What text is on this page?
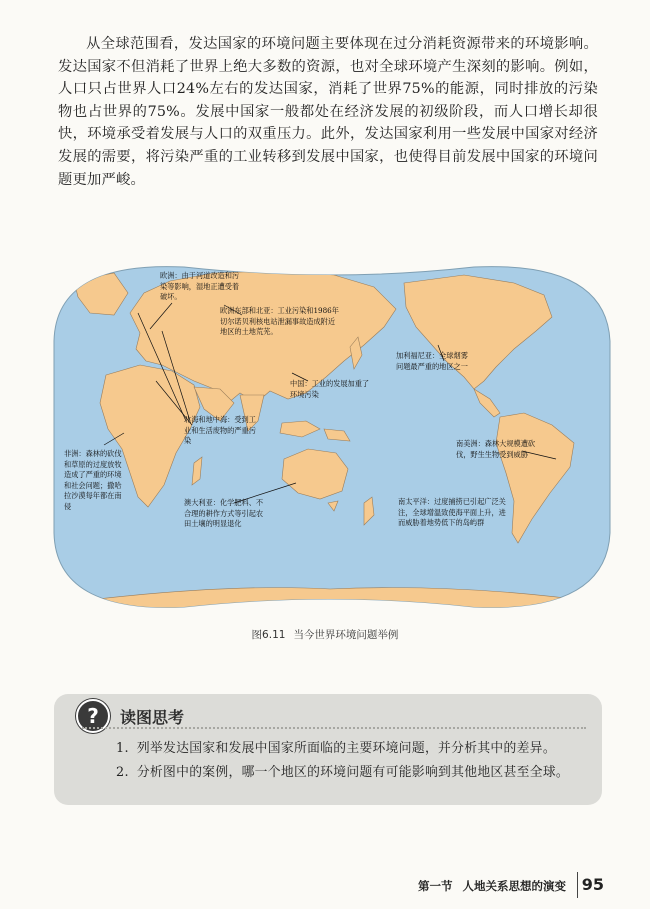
从全球范围看，发达国家的环境问题主要体现在过分消耗资源带来的环境影响。发达国家不但消耗了世界上绝大多数的资源，也对全球环境产生深刻的影响。例如，人口只占世界人口24%左右的发达国家，消耗了世界75%的能源，同时排放的污染物也占世界的75%。发展中国家一般都处在经济发展的初级阶段，而人口增长却很快，环境承受着发展与人口的双重压力。此外，发达国家利用一些发展中国家对经济发展的需要，将污染严重的工业转移到发展中国家，也使得目前发展中国家的环境问题更加严峻。

欧洲：由于河道改造和污染等影响，湿地正遭受着破坏。
欧洲东部和北亚：工业污染和1986年切尔诺贝利核电站泄漏事故造成附近地区的土地荒芜。
中国：工业的发展加重了环境污染
加利福尼亚：全球烟雾问题最严重的地区之一
北海和地中海：受到工业和生活废物的严重污染
非洲：森林的砍伐和草原的过度放牧造成了严重的环境和社会问题；撒哈拉沙漠每年都在南侵
南美洲：森林大规模遭砍伐，野生生物受到威胁
澳大利亚：化学肥料、不合理的耕作方式等引起农田土壤的明显退化
南太平洋：过度捕捞已引起广泛关注，全球增温致使海平面上升，进而威胁着地势低下的岛屿群
图6.11 当今世界环境问题举例
?	读图思考
1. 列举发达国家和发展中国家所面临的主要环境问题，并分析其中的差异。
2. 分析图中的案例，哪一个地区的环境问题有可能影响到其他地区甚至全球。
第一节 人地关系思想的演变 95
